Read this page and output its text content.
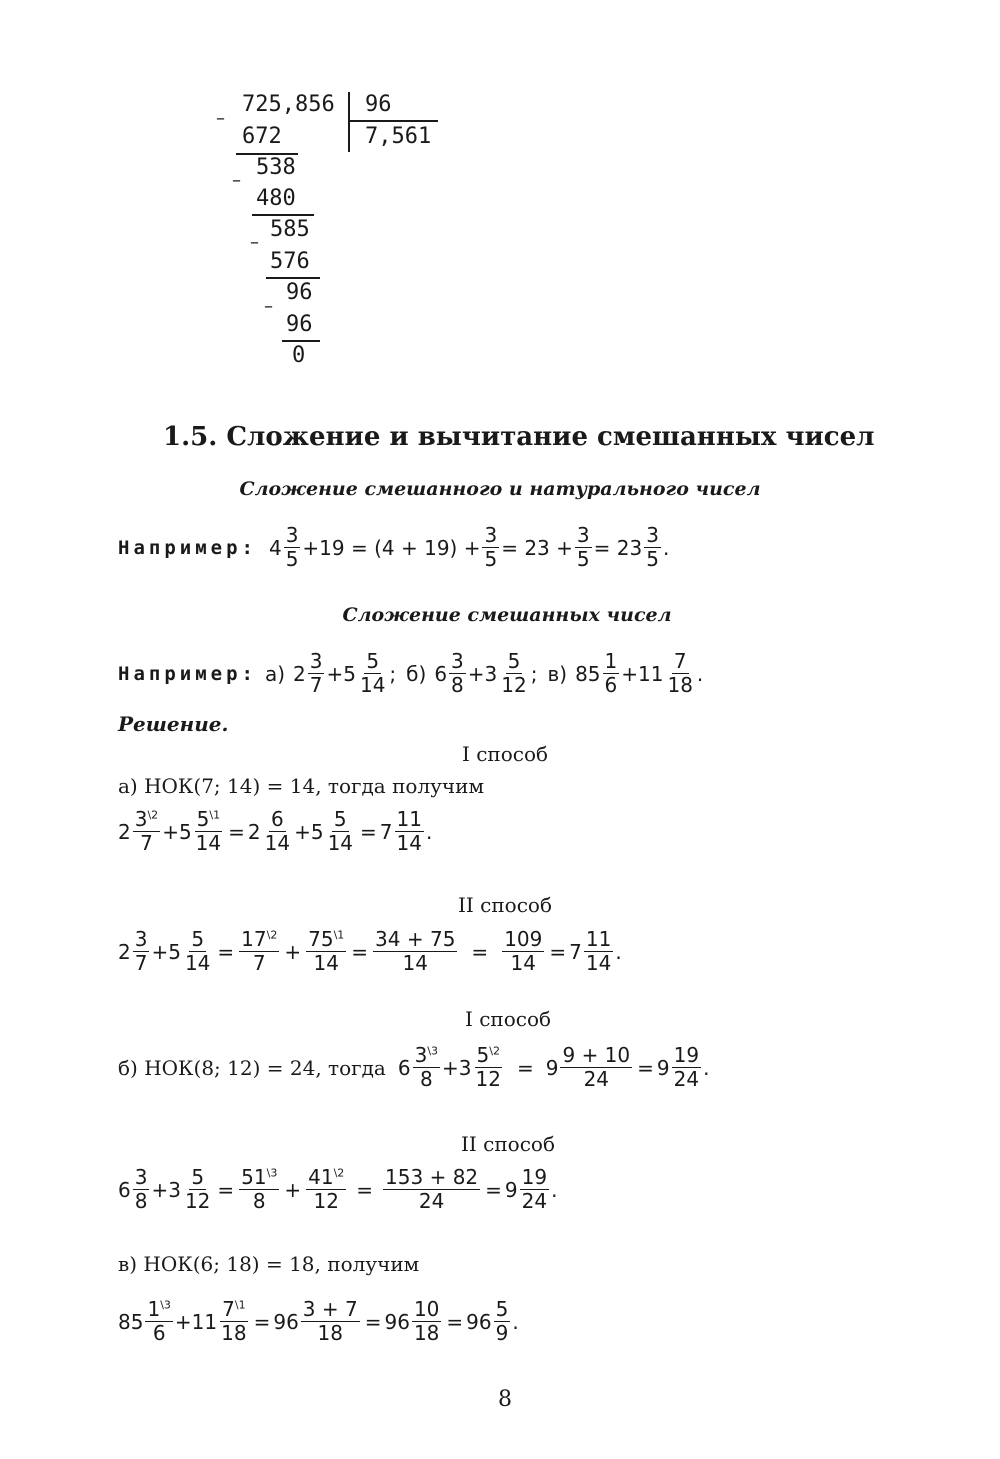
725,856 96
7,561
–
672
538
–
480
585
–
576
96
–
96
0
1.5. Сложение и вычитание смешанных чисел
Сложение смешанного и натурального чисел
Например: 4
3
$5 +19 = (4 + 19) + \frac{3}{5} = 23 + \frac{3}{5} = 23$
3
5 .
Сложение смешанных чисел
Например: а) 2
3
7 +5
5
14 ; б) 6
3
8 +3
5
12 ; в) 85
1
6 +11
7
18 .
Решение.
I способ
а) НОК(7; 14) = 14, тогда получим
2
$3^{\backslash 2}$
$7 +5 \frac{5^{\backslash 1}}{14} = 2$
6
$14 +5 \frac{5}{14} = 7$
11
14 .
II способ
2
3
$7 +5 \frac{5}{14} = \frac{17^{\backslash 2}}{7} + \frac{75^{\backslash 1}}{14} = \frac{34 + 75}{14} = \frac{109}{14} = 7$
11
14 .
I способ
б) НОК(8; 12) = 24, тогда 6
$3^{\backslash 3}$
$8 +3 \frac{5^{\backslash 2}}{12} = 9 \frac{9 + 10}{24} = 9$
19
24 .
II способ
6
3
$8 +3 \frac{5}{12} = \frac{51^{\backslash 3}}{8} + \frac{41^{\backslash 2}}{12} = \frac{153 + 82}{24} = 9$
19
24 .
в) НОК(6; 18) = 18, получим
85
$1^{\backslash 3}$
$6 +11 \frac{7^{\backslash 1}}{18} = 96 \frac{3 + 7}{18} = 96 \frac{10}{18} = 96$
5
9 .
8
